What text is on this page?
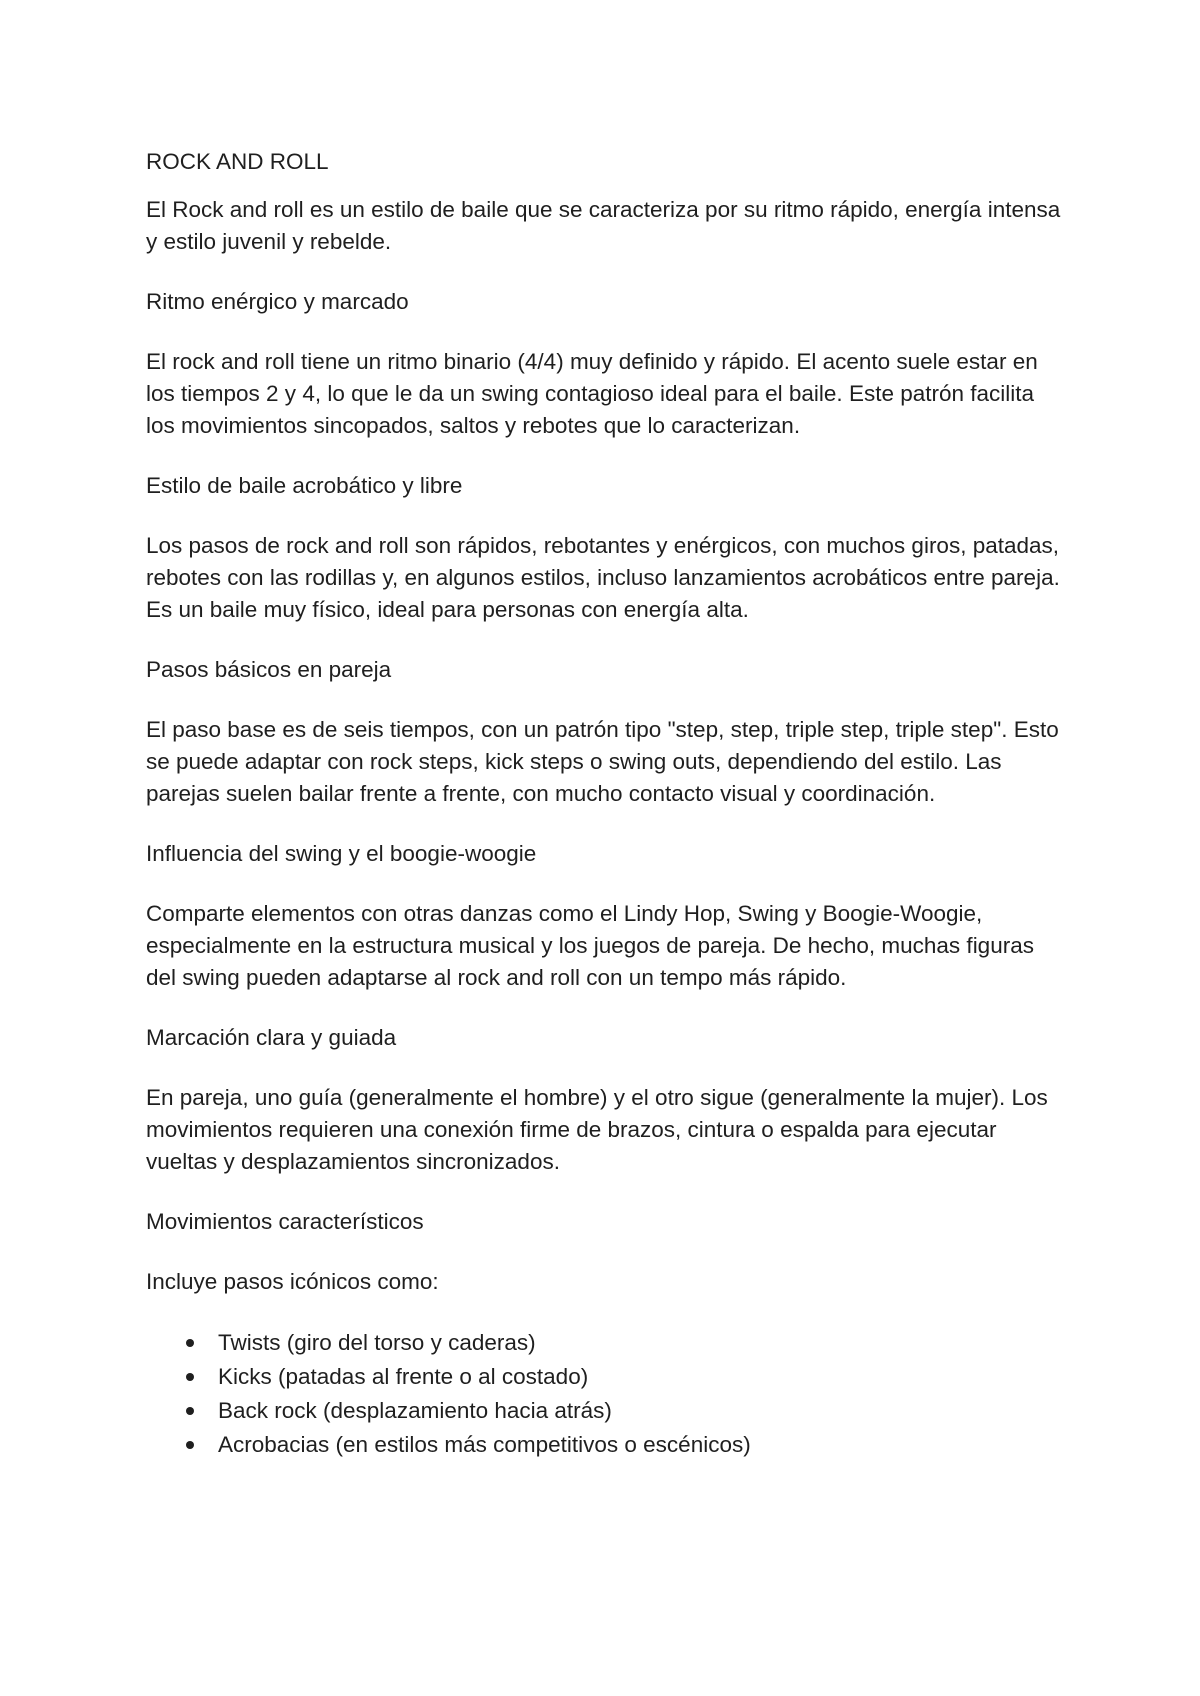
ROCK AND ROLL

El Rock and roll es un estilo de baile que se caracteriza por su ritmo rápido, energía intensa y estilo juvenil y rebelde.

Ritmo enérgico y marcado

El rock and roll tiene un ritmo binario (4/4) muy definido y rápido. El acento suele estar en los tiempos 2 y 4, lo que le da un swing contagioso ideal para el baile. Este patrón facilita los movimientos sincopados, saltos y rebotes que lo caracterizan.

Estilo de baile acrobático y libre

Los pasos de rock and roll son rápidos, rebotantes y enérgicos, con muchos giros, patadas, rebotes con las rodillas y, en algunos estilos, incluso lanzamientos acrobáticos entre pareja. Es un baile muy físico, ideal para personas con energía alta.

Pasos básicos en pareja

El paso base es de seis tiempos, con un patrón tipo "step, step, triple step, triple step". Esto se puede adaptar con rock steps, kick steps o swing outs, dependiendo del estilo. Las parejas suelen bailar frente a frente, con mucho contacto visual y coordinación.

Influencia del swing y el boogie-woogie

Comparte elementos con otras danzas como el Lindy Hop, Swing y Boogie-Woogie, especialmente en la estructura musical y los juegos de pareja. De hecho, muchas figuras del swing pueden adaptarse al rock and roll con un tempo más rápido.

Marcación clara y guiada

En pareja, uno guía (generalmente el hombre) y el otro sigue (generalmente la mujer). Los movimientos requieren una conexión firme de brazos, cintura o espalda para ejecutar vueltas y desplazamientos sincronizados.

Movimientos característicos

Incluye pasos icónicos como:

Twists (giro del torso y caderas)
Kicks (patadas al frente o al costado)
Back rock (desplazamiento hacia atrás)
Acrobacias (en estilos más competitivos o escénicos)
